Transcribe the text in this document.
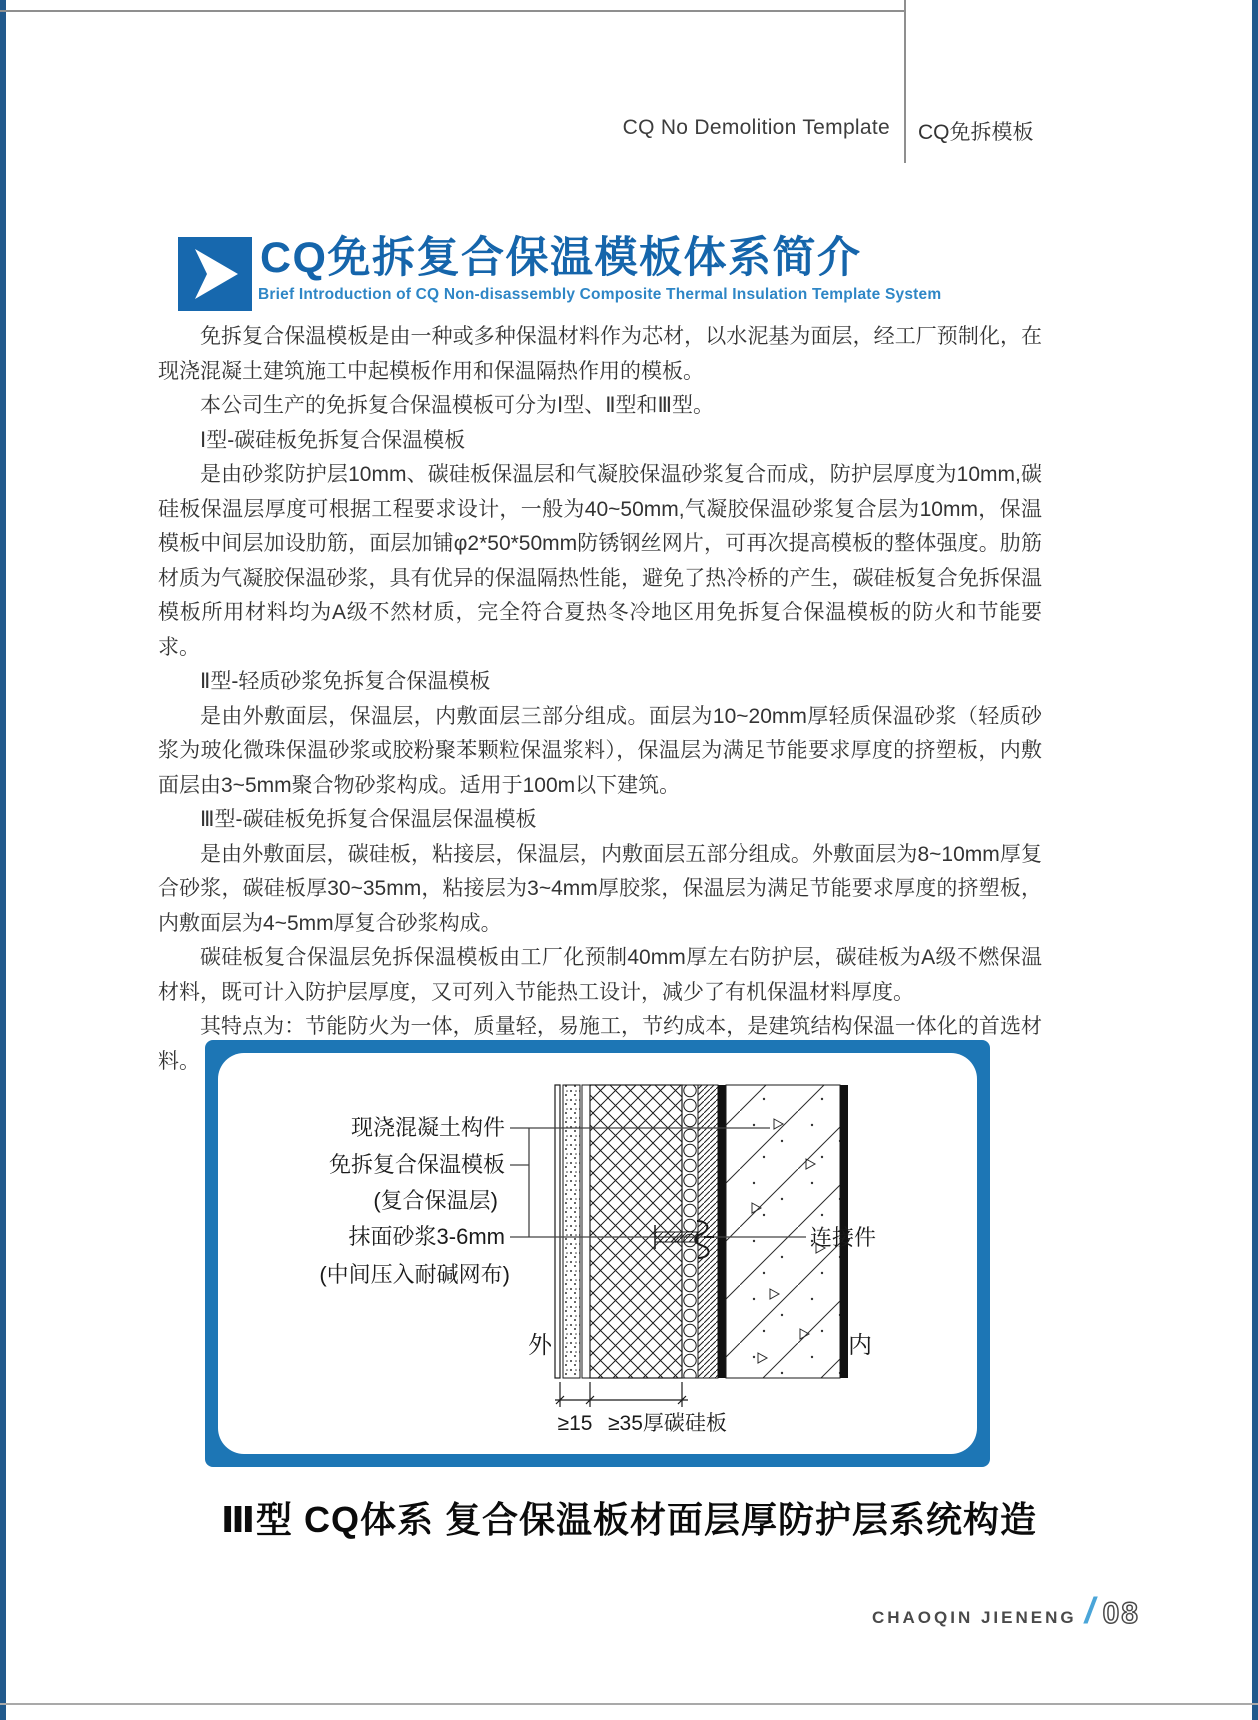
CQ No Demolition Template CQ免拆模板
CQ免拆复合保温模板体系简介
Brief Introduction of CQ Non-disassembly Composite Thermal Insulation Template System

免拆复合保温模板是由一种或多种保温材料作为芯材，以水泥基为面层，经工厂预制化，在现浇混凝土建筑施工中起模板作用和保温隔热作用的模板。

本公司生产的免拆复合保温模板可分为Ⅰ型、Ⅱ型和Ⅲ型。

Ⅰ型-碳硅板免拆复合保温模板

是由砂浆防护层10mm、碳硅板保温层和气凝胶保温砂浆复合而成，防护层厚度为10mm,碳硅板保温层厚度可根据工程要求设计，一般为40~50mm,气凝胶保温砂浆复合层为10mm，保温模板中间层加设肋筋，面层加铺φ2*50*50mm防锈钢丝网片，可再次提高模板的整体强度。肋筋材质为气凝胶保温砂浆，具有优异的保温隔热性能，避免了热冷桥的产生，碳硅板复合免拆保温模板所用材料均为A级不然材质，完全符合夏热冬冷地区用免拆复合保温模板的防火和节能要求。

Ⅱ型-轻质砂浆免拆复合保温模板

是由外敷面层，保温层，内敷面层三部分组成。面层为10~20mm厚轻质保温砂浆（轻质砂浆为玻化微珠保温砂浆或胶粉聚苯颗粒保温浆料），保温层为满足节能要求厚度的挤塑板，内敷面层由3~5mm聚合物砂浆构成。适用于100m以下建筑。

Ⅲ型-碳硅板免拆复合保温层保温模板

是由外敷面层，碳硅板，粘接层，保温层，内敷面层五部分组成。外敷面层为8~10mm厚复合砂浆，碳硅板厚30~35mm，粘接层为3~4mm厚胶浆，保温层为满足节能要求厚度的挤塑板，内敷面层为4~5mm厚复合砂浆构成。

碳硅板复合保温层免拆保温模板由工厂化预制40mm厚左右防护层，碳硅板为A级不燃保温材料，既可计入防护层厚度，又可列入节能热工设计，减少了有机保温材料厚度。

其特点为：节能防火为一体，质量轻，易施工，节约成本，是建筑结构保温一体化的首选材料。

现浇混凝土构件
免拆复合保温模板
(复合保温层)
抹面砂浆3-6mm
(中间压入耐碱网布)
连接件
外	内
≥15 ≥35厚碳硅板
Ⅲ型 CQ体系 复合保温板材面层厚防护层系统构造
CHAOQIN JIENENG / 08
